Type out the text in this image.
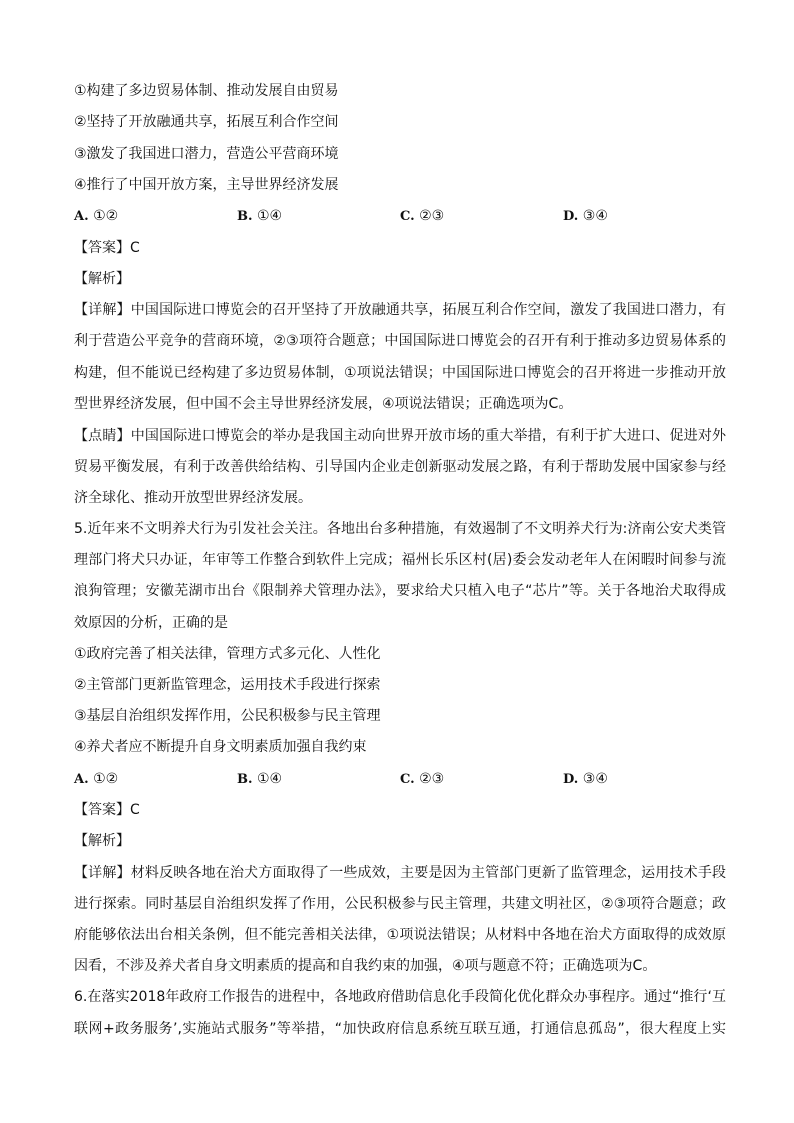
①构建了多边贸易体制、推动发展自由贸易
②坚持了开放融通共享，拓展互利合作空间
③激发了我国进口潜力，营造公平营商环境
④推行了中国开放方案，主导世界经济发展
A. ①②	B. ①④	C. ②③	D. ③④
【答案】C
【解析】
【详解】中国国际进口博览会的召开坚持了开放融通共享，拓展互利合作空间，激发了我国进口潜力，有
利于营造公平竞争的营商环境，②③项符合题意；中国国际进口博览会的召开有利于推动多边贸易体系的
构建，但不能说已经构建了多边贸易体制，①项说法错误；中国国际进口博览会的召开将进一步推动开放
型世界经济发展，但中国不会主导世界经济发展，④项说法错误；正确选项为C。
【点睛】中国国际进口博览会的举办是我国主动向世界开放市场的重大举措，有利于扩大进口、促进对外
贸易平衡发展，有利于改善供给结构、引导国内企业走创新驱动发展之路，有利于帮助发展中国家参与经
济全球化、推动开放型世界经济发展。
5.近年来不文明养犬行为引发社会关注。各地出台多种措施，有效遏制了不文明养犬行为:济南公安犬类管
理部门将犬只办证，年审等工作整合到软件上完成；福州长乐区村(居)委会发动老年人在闲暇时间参与流
浪狗管理；安徽芜湖市出台《限制养犬管理办法》，要求给犬只植入电子“芯片”等。关于各地治犬取得成
效原因的分析，正确的是
①政府完善了相关法律，管理方式多元化、人性化
②主管部门更新监管理念，运用技术手段进行探索
③基层自治组织发挥作用，公民积极参与民主管理
④养犬者应不断提升自身文明素质加强自我约束
A. ①②	B. ①④	C. ②③	D. ③④
【答案】C
【解析】
【详解】材料反映各地在治犬方面取得了一些成效，主要是因为主管部门更新了监管理念，运用技术手段
进行探索。同时基层自治组织发挥了作用，公民积极参与民主管理，共建文明社区，②③项符合题意；政
府能够依法出台相关条例，但不能完善相关法律，①项说法错误；从材料中各地在治犬方面取得的成效原
因看，不涉及养犬者自身文明素质的提高和自我约束的加强，④项与题意不符；正确选项为C。
6.在落实2018年政府工作报告的进程中，各地政府借助信息化手段简化优化群众办事程序。通过“推行‘互
联网+政务服务’,实施站式服务”等举措，“加快政府信息系统互联互通，打通信息孤岛”，很大程度上实
